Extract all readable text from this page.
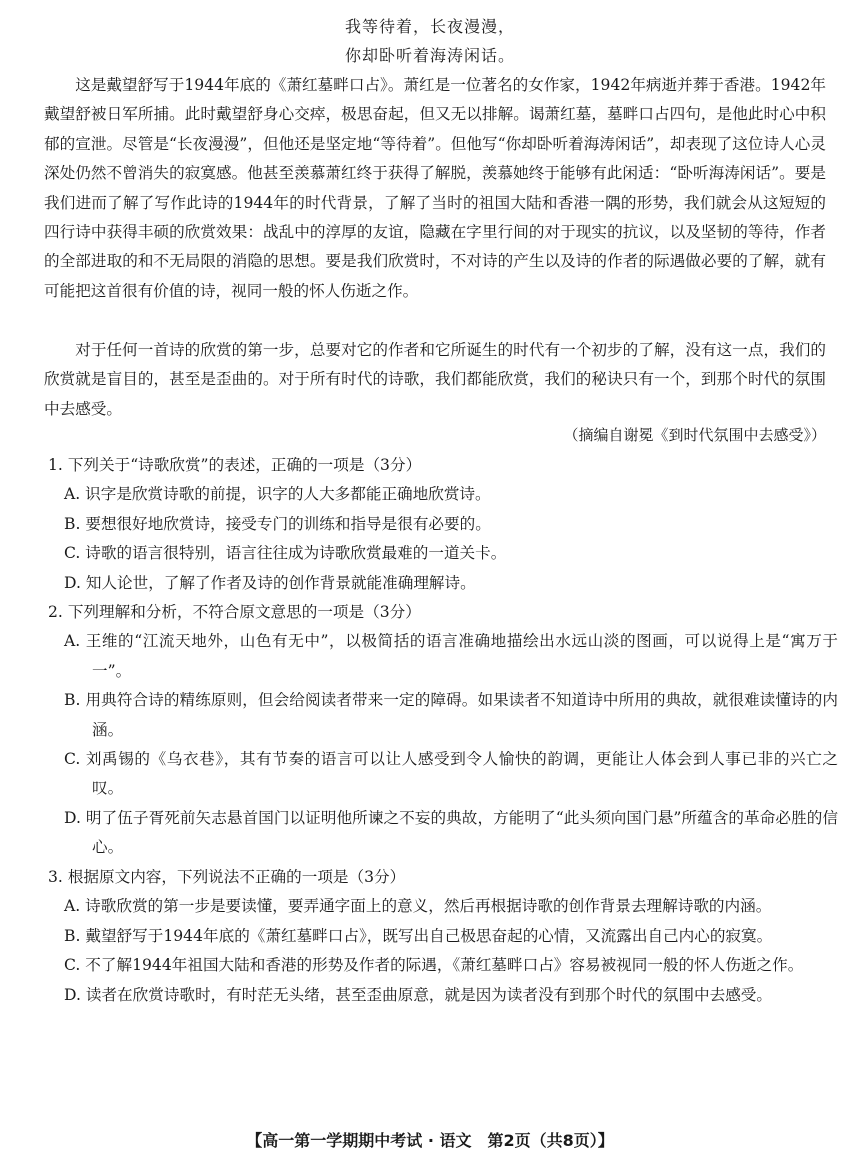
我等待着，长夜漫漫，
你却卧听着海涛闲话。

这是戴望舒写于1944年底的《萧红墓畔口占》。萧红是一位著名的女作家，1942年病逝并葬于香港。1942年戴望舒被日军所捕。此时戴望舒身心交瘁，极思奋起，但又无以排解。谒萧红墓，墓畔口占四句，是他此时心中积郁的宣泄。尽管是“长夜漫漫”，但他还是坚定地“等待着”。但他写“你却卧听着海涛闲话”，却表现了这位诗人心灵深处仍然不曾消失的寂寞感。他甚至羡慕萧红终于获得了解脱，羡慕她终于能够有此闲适：“卧听海涛闲话”。要是我们进而了解了写作此诗的1944年的时代背景，了解了当时的祖国大陆和香港一隅的形势，我们就会从这短短的四行诗中获得丰硕的欣赏效果：战乱中的淳厚的友谊，隐藏在字里行间的对于现实的抗议，以及坚韧的等待，作者的全部进取的和不无局限的消隐的思想。要是我们欣赏时，不对诗的产生以及诗的作者的际遇做必要的了解，就有可能把这首很有价值的诗，视同一般的怀人伤逝之作。

对于任何一首诗的欣赏的第一步，总要对它的作者和它所诞生的时代有一个初步的了解，没有这一点，我们的欣赏就是盲目的，甚至是歪曲的。对于所有时代的诗歌，我们都能欣赏，我们的秘诀只有一个，到那个时代的氛围中去感受。

（摘编自谢冕《到时代氛围中去感受》）

1. 下列关于“诗歌欣赏”的表述，正确的一项是（3分）

A. 识字是欣赏诗歌的前提，识字的人大多都能正确地欣赏诗。

B. 要想很好地欣赏诗，接受专门的训练和指导是很有必要的。

C. 诗歌的语言很特别，语言往往成为诗歌欣赏最难的一道关卡。

D. 知人论世，了解了作者及诗的创作背景就能准确理解诗。

2. 下列理解和分析，不符合原文意思的一项是（3分）

A. 王维的“江流天地外，山色有无中”，以极简括的语言准确地描绘出水远山淡的图画，可以说得上是“寓万于一”。

B. 用典符合诗的精练原则，但会给阅读者带来一定的障碍。如果读者不知道诗中所用的典故，就很难读懂诗的内涵。

C. 刘禹锡的《乌衣巷》，其有节奏的语言可以让人感受到令人愉快的韵调，更能让人体会到人事已非的兴亡之叹。

D. 明了伍子胥死前矢志悬首国门以证明他所谏之不妄的典故，方能明了“此头须向国门悬”所蕴含的革命必胜的信心。

3. 根据原文内容，下列说法不正确的一项是（3分）

A. 诗歌欣赏的第一步是要读懂，要弄通字面上的意义，然后再根据诗歌的创作背景去理解诗歌的内涵。

B. 戴望舒写于1944年底的《萧红墓畔口占》，既写出自己极思奋起的心情，又流露出自己内心的寂寞。

C. 不了解1944年祖国大陆和香港的形势及作者的际遇，《萧红墓畔口占》容易被视同一般的怀人伤逝之作。

D. 读者在欣赏诗歌时，有时茫无头绪，甚至歪曲原意，就是因为读者没有到那个时代的氛围中去感受。

【高一第一学期期中考试 · 语文　第2页（共8页）】
